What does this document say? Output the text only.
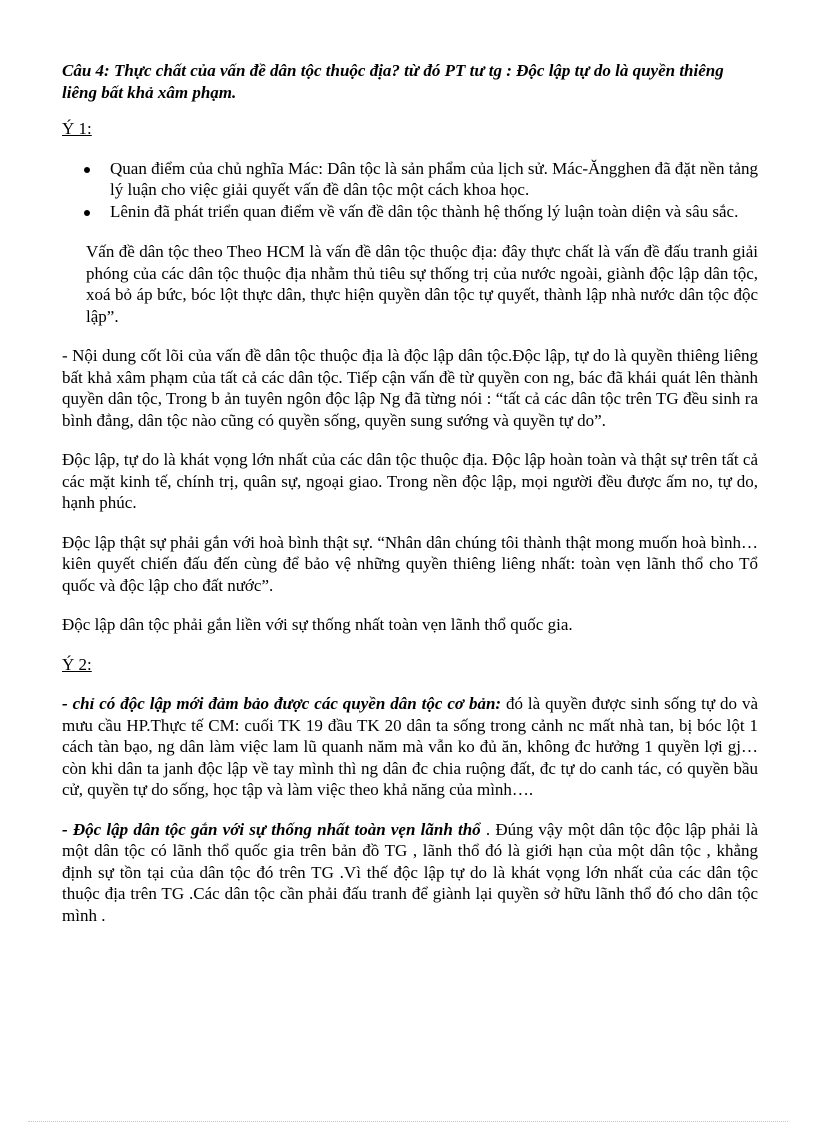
Câu 4: Thực chất của vấn đề dân tộc thuộc địa? từ đó PT tư tg : Độc lập tự do là quyền thiêng liêng bất khả xâm phạm.

Ý 1:

Quan điểm của chủ nghĩa Mác: Dân tộc là sản phẩm của lịch sử. Mác-Ăngghen đã đặt nền tảng lý luận cho việc giải quyết vấn đề dân tộc một cách khoa học.
Lênin đã phát triển quan điểm về vấn đề dân tộc thành hệ thống lý luận toàn diện và sâu sắc.

Vấn đề dân tộc theo Theo HCM là vấn đề dân tộc thuộc địa: đây thực chất là vấn đề đấu tranh giải phóng của các dân tộc thuộc địa nhằm thủ tiêu sự thống trị của nước ngoài, giành độc lập dân tộc, xoá bỏ áp bức, bóc lột thực dân, thực hiện quyền dân tộc tự quyết, thành lập nhà nước dân tộc độc lập”.

- Nội dung cốt lõi của vấn đề dân tộc thuộc địa là độc lập dân tộc.Độc lập, tự do là quyền thiêng liêng bất khả xâm phạm của tất cả các dân tộc. Tiếp cận vấn đề từ quyền con ng, bác đã khái quát lên thành quyền dân tộc, Trong b ản tuyên ngôn độc lập Ng đã từng nói : “tất cả các dân tộc trên TG đều sinh ra bình đẳng, dân tộc nào cũng có quyền sống, quyền sung sướng và quyền tự do”.

Độc lập, tự do là khát vọng lớn nhất của các dân tộc thuộc địa. Độc lập hoàn toàn và thật sự trên tất cả các mặt kinh tế, chính trị, quân sự, ngoại giao. Trong nền độc lập, mọi người đều được ấm no, tự do, hạnh phúc.

Độc lập thật sự phải gắn với hoà bình thật sự. “Nhân dân chúng tôi thành thật mong muốn hoà bình…kiên quyết chiến đấu đến cùng để bảo vệ những quyền thiêng liêng nhất: toàn vẹn lãnh thổ cho Tổ quốc và độc lập cho đất nước”.

Độc lập dân tộc phải gắn liền với sự thống nhất toàn vẹn lãnh thổ quốc gia.

Ý 2:

- chỉ có độc lập mới đảm bảo được các quyền dân tộc cơ bản: đó là quyền được sinh sống tự do và mưu cầu HP.Thực tế CM: cuối TK 19 đầu TK 20 dân ta sống trong cảnh nc mất nhà tan, bị bóc lột 1 cách tàn bạo, ng dân làm việc lam lũ quanh năm mà vẫn ko đủ ăn, không đc hưởng 1 quyền lợi gj…còn khi dân ta janh độc lập về tay mình thì ng dân đc chia ruộng đất, đc tự do canh tác, có quyền bầu cử, quyền tự do sống, học tập và làm việc theo khả năng của mình….

- Độc lập dân tộc gắn với sự thống nhất toàn vẹn lãnh thổ . Đúng vậy một dân tộc độc lập phải là một dân tộc có lãnh thổ quốc gia trên bản đồ TG , lãnh thổ đó là giới hạn của một dân tộc , khẳng định sự tồn tại của dân tộc đó trên TG .Vì thế độc lập tự do là khát vọng lớn nhất của các dân tộc thuộc địa trên TG .Các dân tộc cần phải đấu tranh để giành lại quyền sở hữu lãnh thổ đó cho dân tộc mình .
